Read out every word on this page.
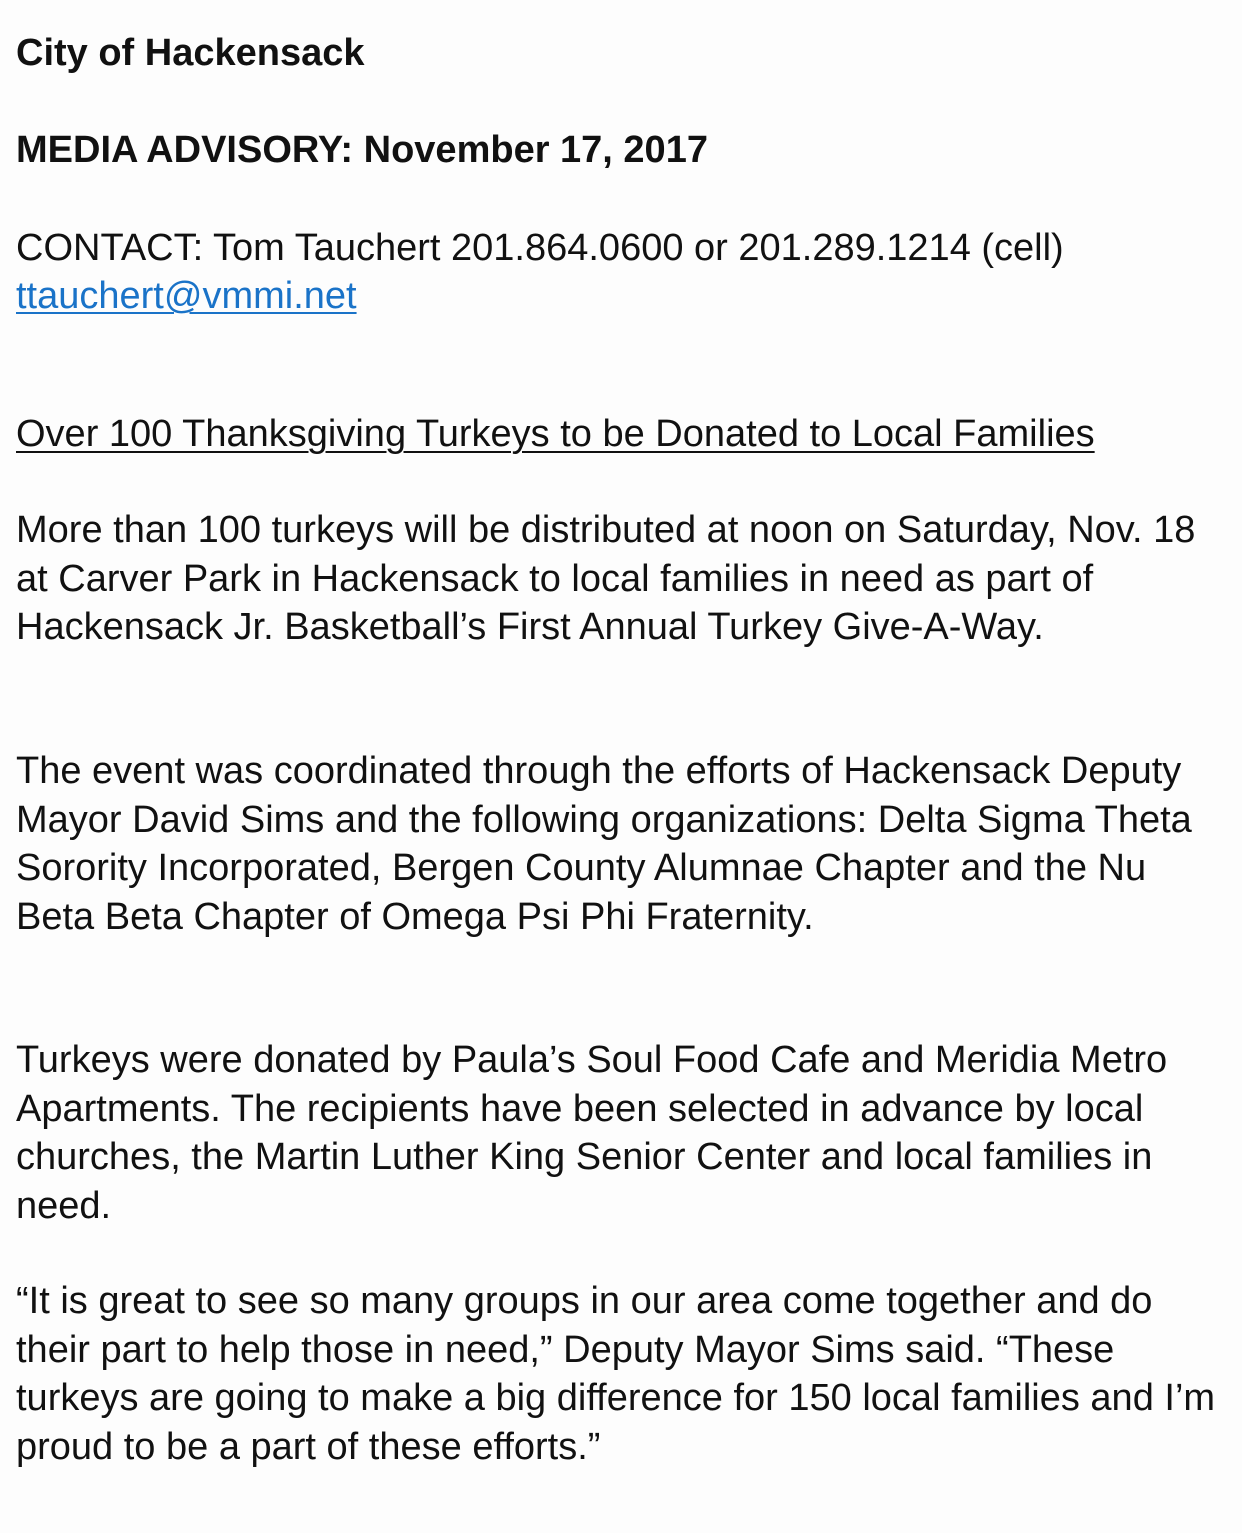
City of Hackensack

MEDIA ADVISORY: November 17, 2017

CONTACT: Tom Tauchert 201.864.0600 or 201.289.1214 (cell)
ttauchert@vmmi.net

Over 100 Thanksgiving Turkeys to be Donated to Local Families

More than 100 turkeys will be distributed at noon on Saturday, Nov. 18 at Carver Park in Hackensack to local families in need as part of Hackensack Jr. Basketball’s First Annual Turkey Give-A-Way.

The event was coordinated through the efforts of Hackensack Deputy Mayor David Sims and the following organizations: Delta Sigma Theta Sorority Incorporated, Bergen County Alumnae Chapter and the Nu Beta Beta Chapter of Omega Psi Phi Fraternity.

Turkeys were donated by Paula’s Soul Food Cafe and Meridia Metro Apartments. The recipients have been selected in advance by local churches, the Martin Luther King Senior Center and local families in need.

“It is great to see so many groups in our area come together and do their part to help those in need,” Deputy Mayor Sims said. “These turkeys are going to make a big difference for 150 local families and I’m proud to be a part of these efforts.”
